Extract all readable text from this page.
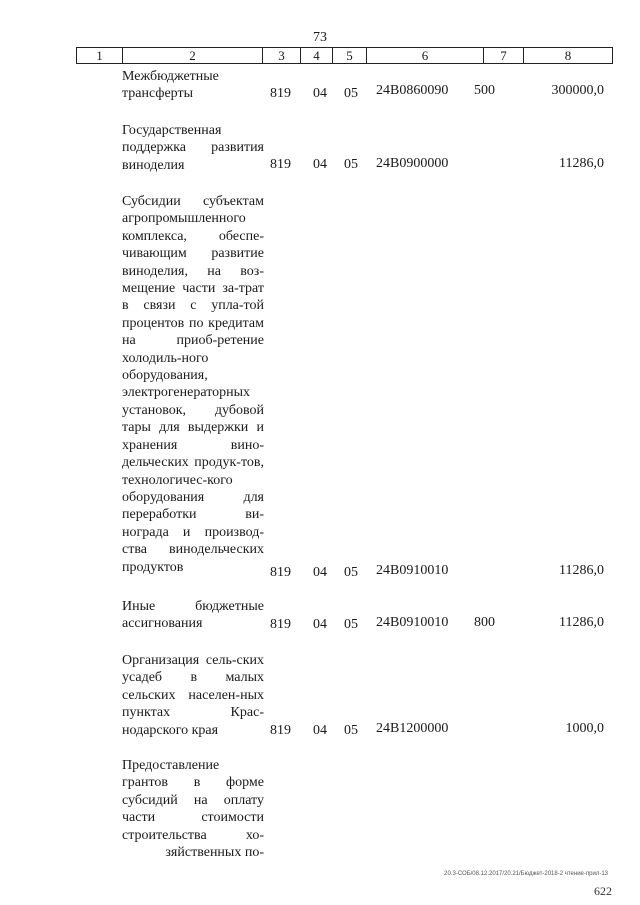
73
1	2	3	4	5	6	7	8
Межбюджетные трансферты	819 04 05 24В0860090 500	300000,0
Государственная поддержка развития виноделия	819 04 05 24В0900000	11286,0
Субсидии субъектам агропромышленного комплекса, обеспе-чивающим развитие виноделия, на воз-мещение части за-трат в связи с упла-той процентов по кредитам на приоб-ретение холодиль-ного оборудования, электрогенераторных установок, дубовой тары для выдержки и хранения вино-дельческих продук-тов, технологичес-кого оборудования для переработки ви-нограда и производ-ства винодельческих продуктов	819 04 05 24В0910010	11286,0
Иные бюджетные ассигнования	819 04 05 24В0910010 800	11286,0
Организация сель-ских усадеб в малых сельских населен-ных пунктах Крас-нодарского края	819 04 05 24В1200000	1000,0
Предоставление грантов в форме субсидий на оплату части стоимости строительства хо-зяйственных по-
20.3-СОБ/08.12.2017/20.21/Бюджет-2018-2 чтение-прил-13
622
